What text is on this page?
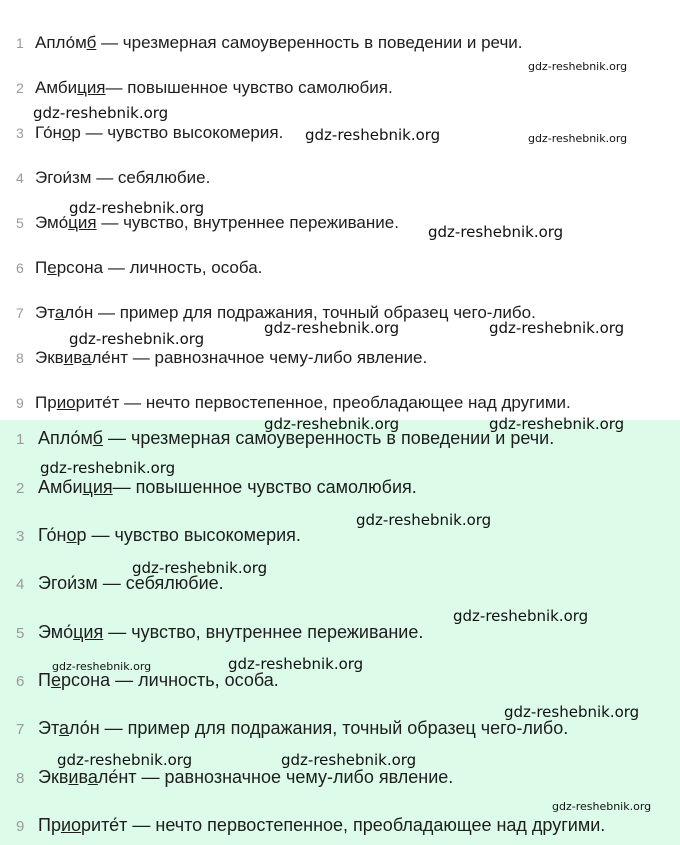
1 Апло́мб — чрезмерная самоуверенность в поведении и речи.
2 Амбиция— повышенное чувство самолюбия.
3 Го́нор — чувство высокомерия.
4 Эгои́зм — себялюбие.
5 Эмо́ция — чувство, внутреннее переживание.
6 Персона — личность, особа.
7 Этало́н — пример для подражания, точный образец чего-либо.
8 Эквивале́нт — равнозначное чему-либо явление.
9 Приорите́т — нечто первостепенное, преобладающее над другими.
1 Апло́мб — чрезмерная самоуверенность в поведении и речи.
2 Амбиция— повышенное чувство самолюбия.
3 Го́нор — чувство высокомерия.
4 Эгои́зм — себялюбие.
5 Эмо́ция — чувство, внутреннее переживание.
6 Персона — личность, особа.
7 Этало́н — пример для подражания, точный образец чего-либо.
8 Эквивале́нт — равнозначное чему-либо явление.
9 Приорите́т — нечто первостепенное, преобладающее над другими.
gdz-reshebnik.org
gdz-reshebnik.org
gdz-reshebnik.org	gdz-reshebnik.org
gdz-reshebnik.org
gdz-reshebnik.org
gdz-reshebnik.org	gdz-reshebnik.org
gdz-reshebnik.org
gdz-reshebnik.org	gdz-reshebnik.org
gdz-reshebnik.org
gdz-reshebnik.org
gdz-reshebnik.org
gdz-reshebnik.org
gdz-reshebnik.org	gdz-reshebnik.org
gdz-reshebnik.org
gdz-reshebnik.org	gdz-reshebnik.org
gdz-reshebnik.org
